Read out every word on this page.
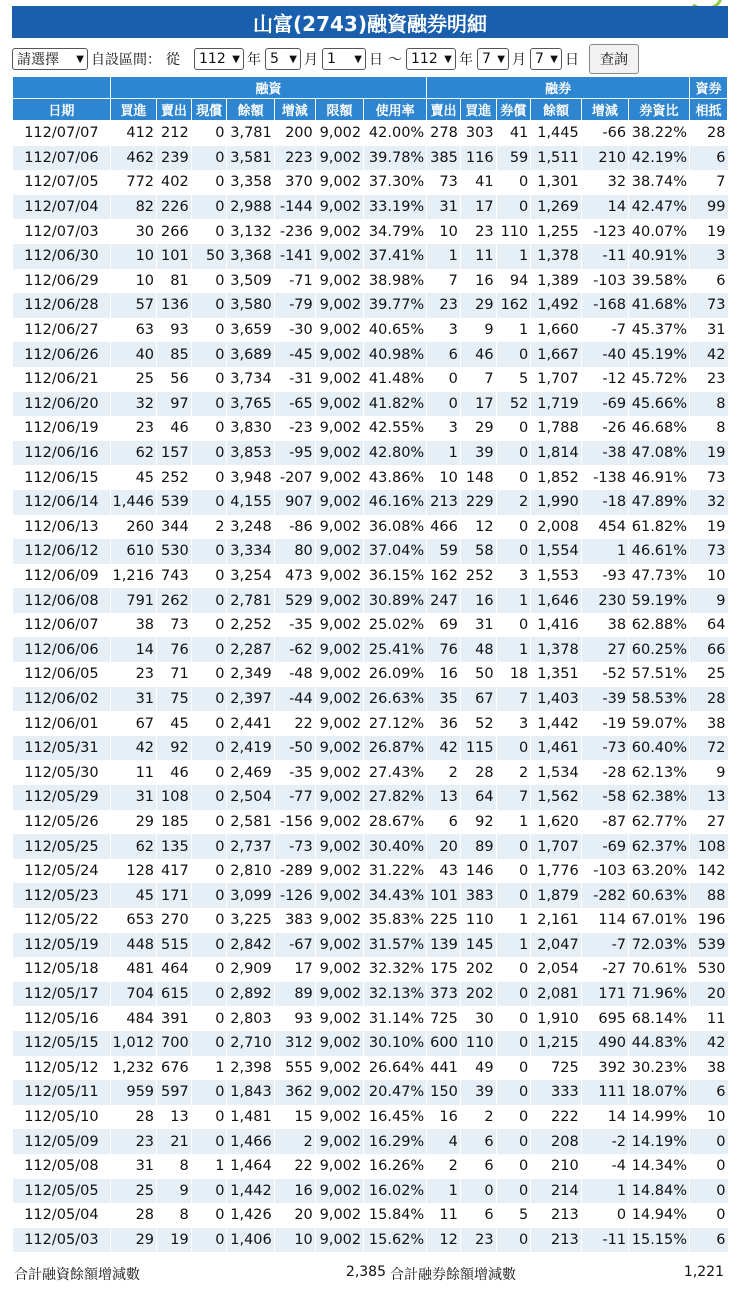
山富(2743)融資融券明細
請選擇 ▼ 自設區間： 從 112 ▼ 年 5 ▼ 月 1 ▼ 日 ～ 112 ▼ 年 7 ▼ 月 7 ▼ 日	查詢
	融資							融券						資券
日期	買進	賣出	現償	餘額	增減	限額	使用率	賣出	買進	券償	餘額	增減	券資比	相抵
112/07/07	412	212	0	3,781	200	9,002	42.00%	278	303	41	1,445	-66	38.22%	28
112/07/06	462	239	0	3,581	223	9,002	39.78%	385	116	59	1,511	210	42.19%	6
112/07/05	772	402	0	3,358	370	9,002	37.30%	73	41	0	1,301	32	38.74%	7
112/07/04	82	226	0	2,988	-144	9,002	33.19%	31	17	0	1,269	14	42.47%	99
112/07/03	30	266	0	3,132	-236	9,002	34.79%	10	23	110	1,255	-123	40.07%	19
112/06/30	10	101	50	3,368	-141	9,002	37.41%	1	11	1	1,378	-11	40.91%	3
112/06/29	10	81	0	3,509	-71	9,002	38.98%	7	16	94	1,389	-103	39.58%	6
112/06/28	57	136	0	3,580	-79	9,002	39.77%	23	29	162	1,492	-168	41.68%	73
112/06/27	63	93	0	3,659	-30	9,002	40.65%	3	9	1	1,660	-7	45.37%	31
112/06/26	40	85	0	3,689	-45	9,002	40.98%	6	46	0	1,667	-40	45.19%	42
112/06/21	25	56	0	3,734	-31	9,002	41.48%	0	7	5	1,707	-12	45.72%	23
112/06/20	32	97	0	3,765	-65	9,002	41.82%	0	17	52	1,719	-69	45.66%	8
112/06/19	23	46	0	3,830	-23	9,002	42.55%	3	29	0	1,788	-26	46.68%	8
112/06/16	62	157	0	3,853	-95	9,002	42.80%	1	39	0	1,814	-38	47.08%	19
112/06/15	45	252	0	3,948	-207	9,002	43.86%	10	148	0	1,852	-138	46.91%	73
112/06/14	1,446	539	0	4,155	907	9,002	46.16%	213	229	2	1,990	-18	47.89%	32
112/06/13	260	344	2	3,248	-86	9,002	36.08%	466	12	0	2,008	454	61.82%	19
112/06/12	610	530	0	3,334	80	9,002	37.04%	59	58	0	1,554	1	46.61%	73
112/06/09	1,216	743	0	3,254	473	9,002	36.15%	162	252	3	1,553	-93	47.73%	10
112/06/08	791	262	0	2,781	529	9,002	30.89%	247	16	1	1,646	230	59.19%	9
112/06/07	38	73	0	2,252	-35	9,002	25.02%	69	31	0	1,416	38	62.88%	64
112/06/06	14	76	0	2,287	-62	9,002	25.41%	76	48	1	1,378	27	60.25%	66
112/06/05	23	71	0	2,349	-48	9,002	26.09%	16	50	18	1,351	-52	57.51%	25
112/06/02	31	75	0	2,397	-44	9,002	26.63%	35	67	7	1,403	-39	58.53%	28
112/06/01	67	45	0	2,441	22	9,002	27.12%	36	52	3	1,442	-19	59.07%	38
112/05/31	42	92	0	2,419	-50	9,002	26.87%	42	115	0	1,461	-73	60.40%	72
112/05/30	11	46	0	2,469	-35	9,002	27.43%	2	28	2	1,534	-28	62.13%	9
112/05/29	31	108	0	2,504	-77	9,002	27.82%	13	64	7	1,562	-58	62.38%	13
112/05/26	29	185	0	2,581	-156	9,002	28.67%	6	92	1	1,620	-87	62.77%	27
112/05/25	62	135	0	2,737	-73	9,002	30.40%	20	89	0	1,707	-69	62.37%	108
112/05/24	128	417	0	2,810	-289	9,002	31.22%	43	146	0	1,776	-103	63.20%	142
112/05/23	45	171	0	3,099	-126	9,002	34.43%	101	383	0	1,879	-282	60.63%	88
112/05/22	653	270	0	3,225	383	9,002	35.83%	225	110	1	2,161	114	67.01%	196
112/05/19	448	515	0	2,842	-67	9,002	31.57%	139	145	1	2,047	-7	72.03%	539
112/05/18	481	464	0	2,909	17	9,002	32.32%	175	202	0	2,054	-27	70.61%	530
112/05/17	704	615	0	2,892	89	9,002	32.13%	373	202	0	2,081	171	71.96%	20
112/05/16	484	391	0	2,803	93	9,002	31.14%	725	30	0	1,910	695	68.14%	11
112/05/15	1,012	700	0	2,710	312	9,002	30.10%	600	110	0	1,215	490	44.83%	42
112/05/12	1,232	676	1	2,398	555	9,002	26.64%	441	49	0	725	392	30.23%	38
112/05/11	959	597	0	1,843	362	9,002	20.47%	150	39	0	333	111	18.07%	6
112/05/10	28	13	0	1,481	15	9,002	16.45%	16	2	0	222	14	14.99%	10
112/05/09	23	21	0	1,466	2	9,002	16.29%	4	6	0	208	-2	14.19%	0
112/05/08	31	8	1	1,464	22	9,002	16.26%	2	6	0	210	-4	14.34%	0
112/05/05	25	9	0	1,442	16	9,002	16.02%	1	0	0	214	1	14.84%	0
112/05/04	28	8	0	1,426	20	9,002	15.84%	11	6	5	213	0	14.94%	0
112/05/03	29	19	0	1,406	10	9,002	15.62%	12	23	0	213	-11	15.15%	6
合計融資餘額增減數	2,385 合計融券餘額增減數	1,221
